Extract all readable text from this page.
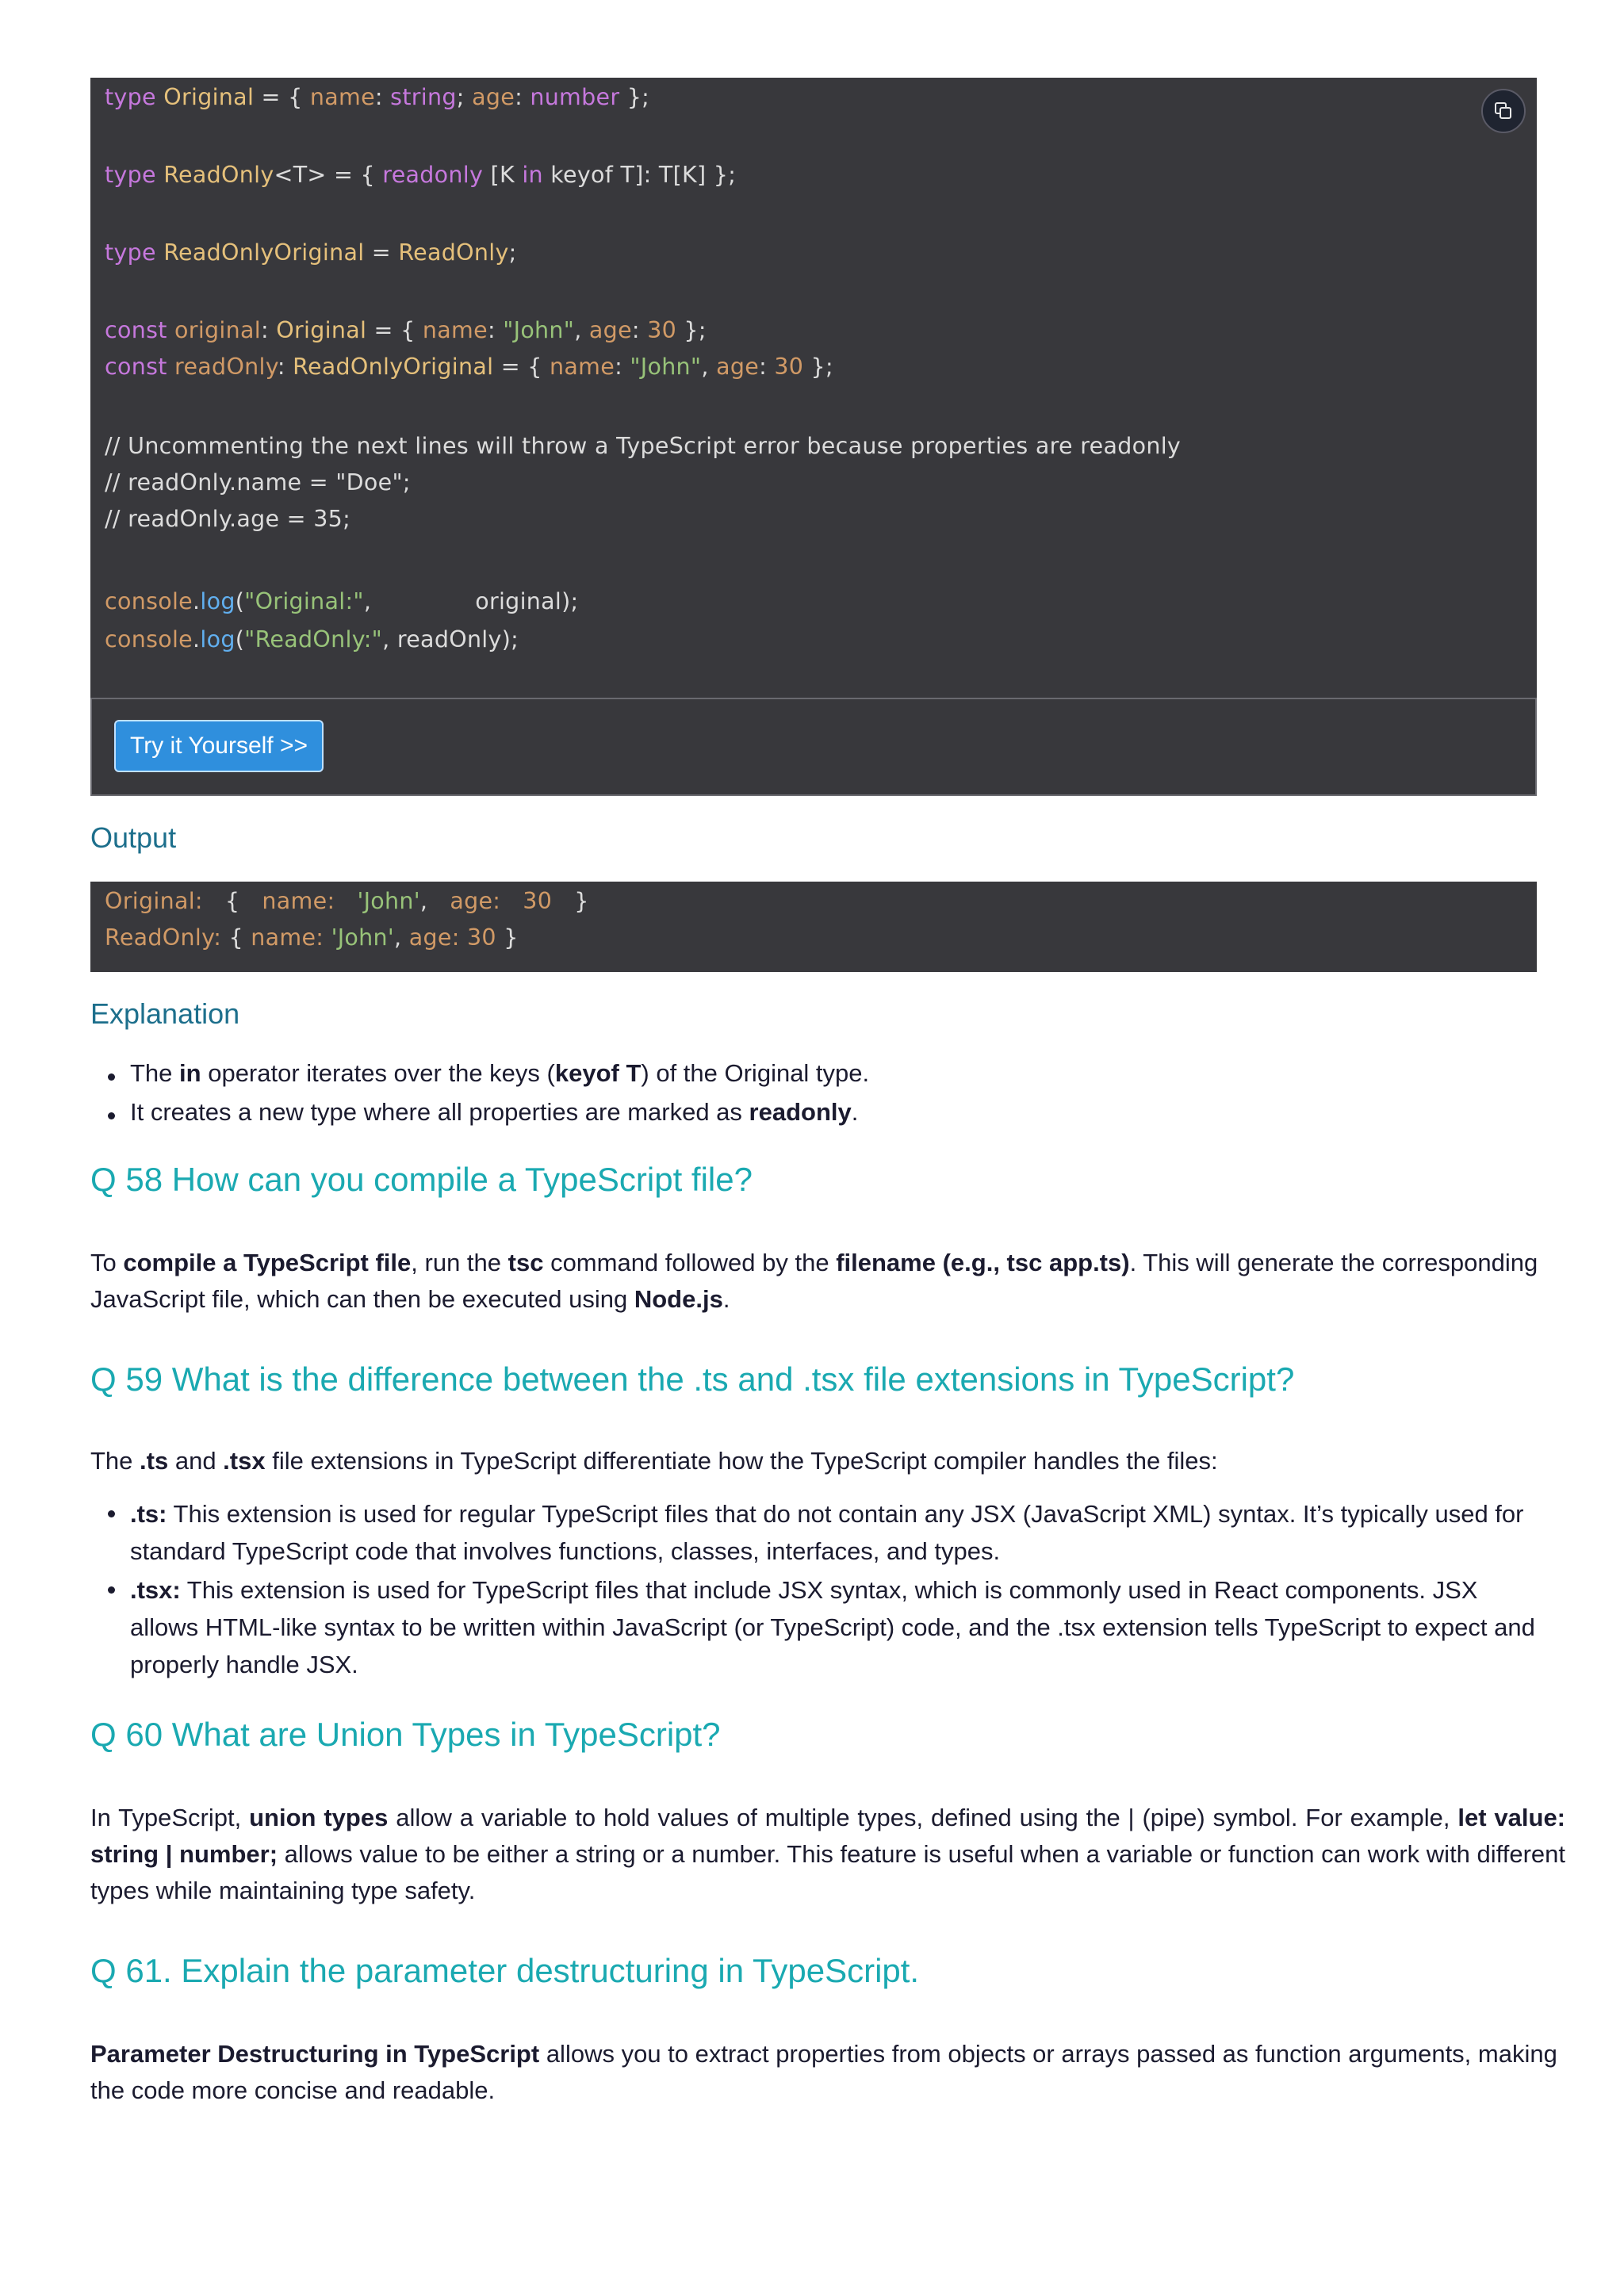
type Original = { name: string; age: number };
type ReadOnly<T> = { readonly [K in keyof T]: T[K] };
type ReadOnlyOriginal = ReadOnly;
const original: Original = { name: "John", age: 30 };
const readOnly: ReadOnlyOriginal = { name: "John", age: 30 };
// Uncommenting the next lines will throw a TypeScript error because properties are readonly
// readOnly.name = "Doe";
// readOnly.age = 35;
console.log("Original:",              original);
console.log("ReadOnly:", readOnly);
Try it Yourself >>
Output
Original:   {   name: 'John',   age: 30   }
ReadOnly: { name: 'John', age: 30 }
Explanation
The in operator iterates over the keys (keyof T) of the Original type.
It creates a new type where all properties are marked as readonly.
Q 58 How can you compile a TypeScript file?
To compile a TypeScript file, run the tsc command followed by the filename (e.g., tsc app.ts). This will generate the corresponding JavaScript file, which can then be executed using Node.js.
Q 59 What is the difference between the .ts and .tsx file extensions in TypeScript?
The .ts and .tsx file extensions in TypeScript differentiate how the TypeScript compiler handles the files:
.ts: This extension is used for regular TypeScript files that do not contain any JSX (JavaScript XML) syntax. It’s typically used for standard TypeScript code that involves functions, classes, interfaces, and types.
.tsx: This extension is used for TypeScript files that include JSX syntax, which is commonly used in React components. JSX allows HTML-like syntax to be written within JavaScript (or TypeScript) code, and the .tsx extension tells TypeScript to expect and properly handle JSX.
Q 60 What are Union Types in TypeScript?
In TypeScript, union types allow a variable to hold values of multiple types, defined using the | (pipe) symbol. For example, let value: string | number; allows value to be either a string or a number. This feature is useful when a variable or function can work with different types while maintaining type safety.
Q 61. Explain the parameter destructuring in TypeScript.
Parameter Destructuring in TypeScript allows you to extract properties from objects or arrays passed as function arguments, making the code more concise and readable.
